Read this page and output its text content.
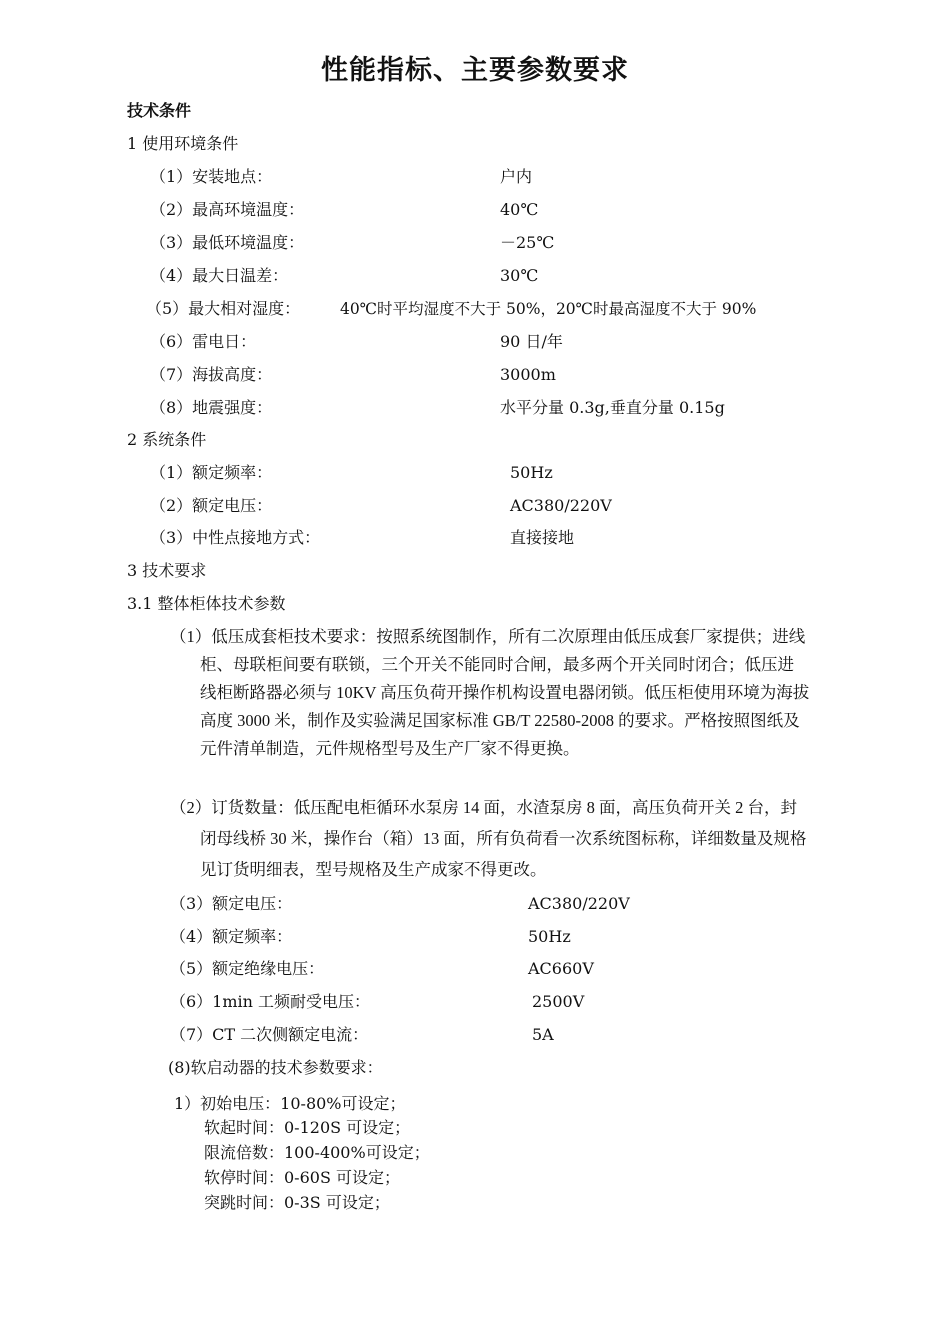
性能指标、主要参数要求
技术条件
1 使用环境条件
（1）安装地点：	户内
（2）最高环境温度：	40℃
（3）最低环境温度：	－25℃
（4）最大日温差：	30℃
（5）最大相对湿度：	40℃时平均湿度不大于 50%，20℃时最高湿度不大于 90%
（6）雷电日：	90 日/年
（7）海拔高度：	3000m
（8）地震强度：	水平分量 0.3g,垂直分量 0.15g
2 系统条件
（1）额定频率：	50Hz
（2）额定电压：	AC380/220V
（3）中性点接地方式：	直接接地
3 技术要求
3.1 整体柜体技术参数
（1）低压成套柜技术要求：按照系统图制作，所有二次原理由低压成套厂家提供；进线柜、母联柜间要有联锁，三个开关不能同时合闸，最多两个开关同时闭合；低压进线柜断路器必须与 10KV 高压负荷开操作机构设置电器闭锁。低压柜使用环境为海拔高度 3000 米，制作及实验满足国家标准 GB/T 22580-2008 的要求。严格按照图纸及元件清单制造，元件规格型号及生产厂家不得更换。
（2）订货数量：低压配电柜循环水泵房 14 面，水渣泵房 8 面，高压负荷开关 2 台，封闭母线桥 30 米，操作台（箱）13 面，所有负荷看一次系统图标称，详细数量及规格见订货明细表，型号规格及生产成家不得更改。
（3）额定电压：	AC380/220V
（4）额定频率：	50Hz
（5）额定绝缘电压：	AC660V
（6）1min 工频耐受电压：	2500V
（7）CT 二次侧额定电流：	5A
(8)软启动器的技术参数要求：
1）初始电压：10-80%可设定；
软起时间：0-120S 可设定；
限流倍数：100-400%可设定；
软停时间：0-60S 可设定；
突跳时间：0-3S 可设定；
